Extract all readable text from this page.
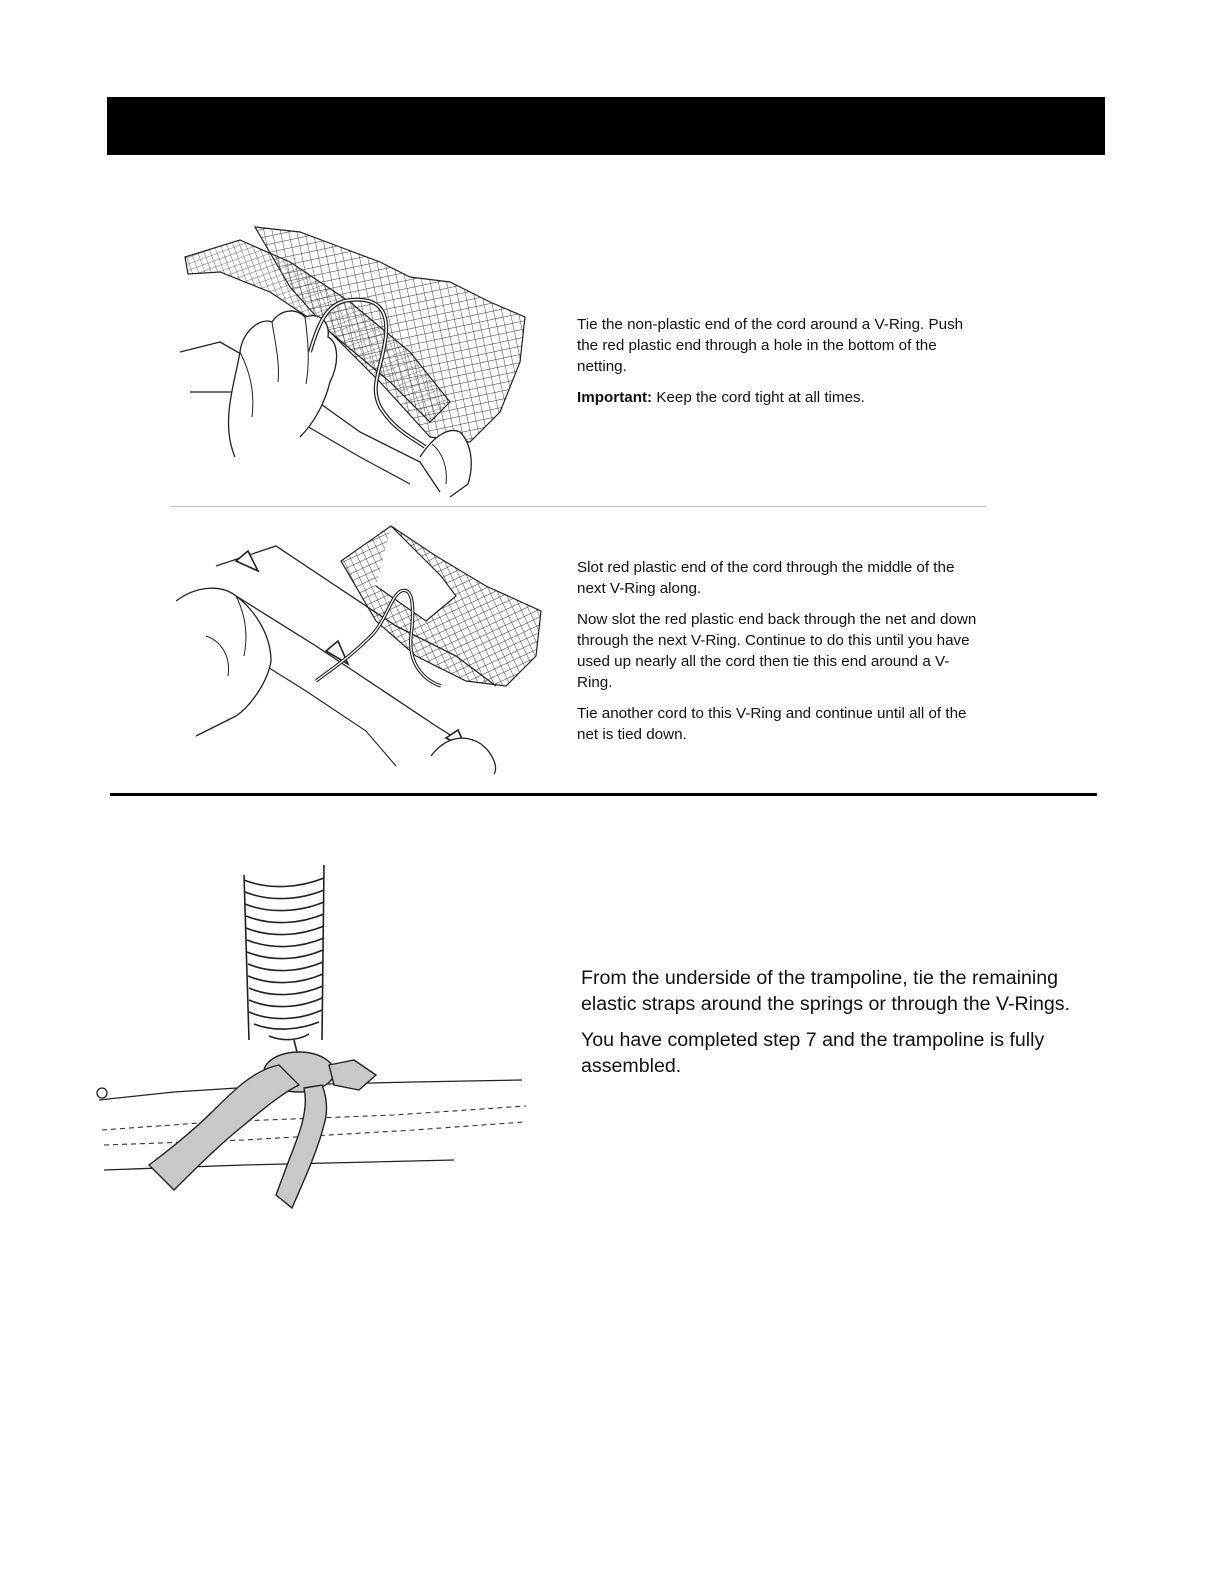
Tie the non-plastic end of the cord around a V-Ring. Push the red plastic end through a hole in the bottom of the netting.

Important: Keep the cord tight at all times.

Slot red plastic end of the cord through the middle of the next V-Ring along.

Now slot the red plastic end back through the net and down through the next V-Ring. Continue to do this until you have used up nearly all the cord then tie this end around a V-Ring.

Tie another cord to this V-Ring and continue until all of the net is tied down.

From the underside of the trampoline, tie the remaining elastic straps around the springs or through the V-Rings.

You have completed step 7 and the trampoline is fully assembled.
